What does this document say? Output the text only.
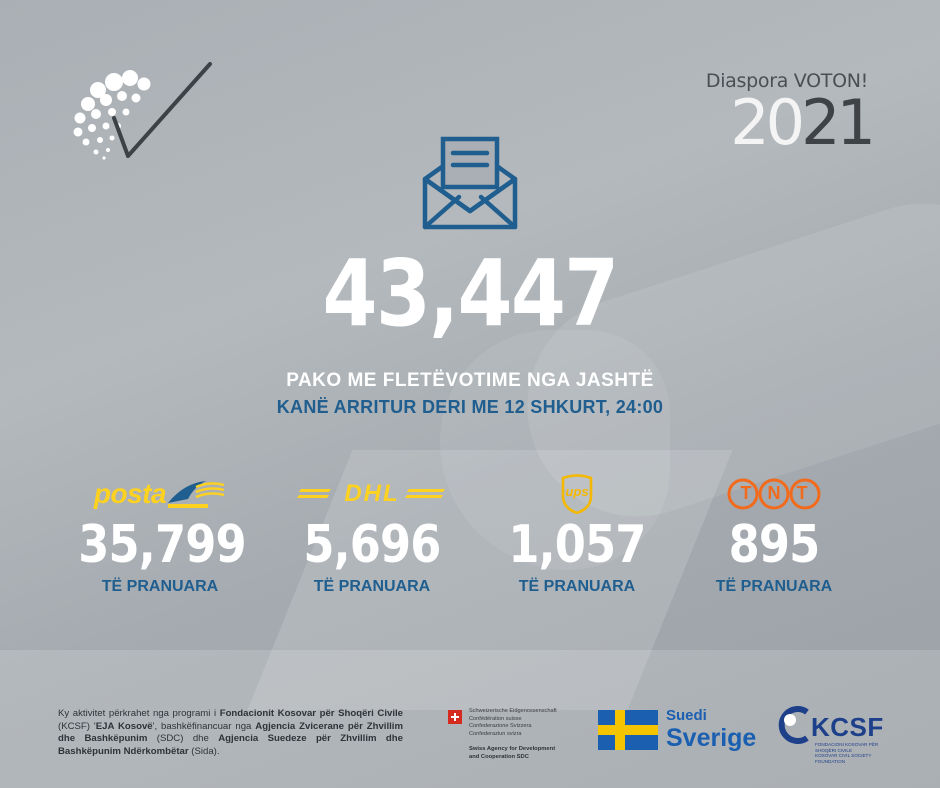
Diaspora VOTON!
2021
43,447
PAKO ME FLETËVOTIME NGA JASHTË
KANË ARRITUR DERI ME 12 SHKURT, 24:00
posta
35,799
TË PRANUARA
DHL
5,696
TË PRANUARA
ups
1,057
TË PRANUARA
TNT
895
TË PRANUARA
Ky aktivitet përkrahet nga programi i Fondacionit Kosovar për Shoqëri Civile (KCSF) 'EJA Kosovë', bashkëfinancuar nga Agjencia Zvicerane për Zhvillim dhe Bashkëpunim (SDC) dhe Agjencia Suedeze për Zhvillim dhe Bashkëpunim Ndërkombëtar (Sida).
Schweizerische Eidgenossenschaft
Confédération suisse
Confederazione Svizzera
Confederaziun svizra
Swiss Agency for Development
and Cooperation SDC
Suedi
Sverige KCSF
FONDACIONI KOSOVAR PËR SHOQËRI CIVILE
KOSOVAR CIVIL SOCIETY FOUNDATION
